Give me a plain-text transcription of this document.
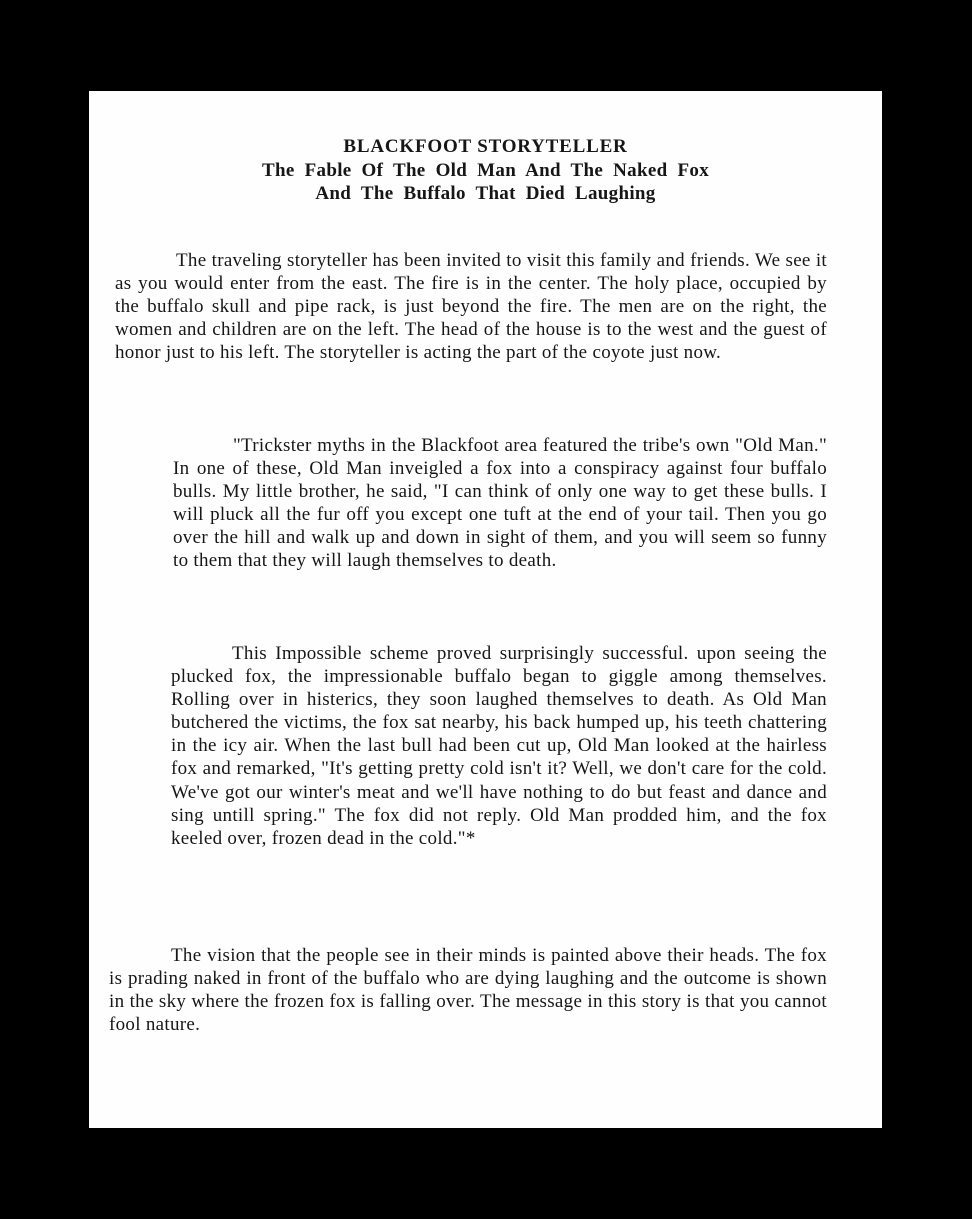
BLACKFOOT STORYTELLER
The Fable Of The Old Man And The Naked Fox
And The Buffalo That Died Laughing

The traveling storyteller has been invited to visit this family and friends. We see it as you would enter from the east. The fire is in the center. The holy place, occupied by the buffalo skull and pipe rack, is just beyond the fire. The men are on the right, the women and children are on the left. The head of the house is to the west and the guest of honor just to his left. The storyteller is acting the part of the coyote just now.

"Trickster myths in the Blackfoot area featured the tribe's own "Old Man." In one of these, Old Man inveigled a fox into a conspiracy against four buffalo bulls. My little brother, he said, "I can think of only one way to get these bulls. I will pluck all the fur off you except one tuft at the end of your tail. Then you go over the hill and walk up and down in sight of them, and you will seem so funny to them that they will laugh themselves to death.

This Impossible scheme proved surprisingly successful. upon seeing the plucked fox, the impressionable buffalo began to giggle among themselves. Rolling over in histerics, they soon laughed themselves to death. As Old Man butchered the victims, the fox sat nearby, his back humped up, his teeth chattering in the icy air. When the last bull had been cut up, Old Man looked at the hairless fox and remarked, "It's getting pretty cold isn't it? Well, we don't care for the cold. We've got our winter's meat and we'll have nothing to do but feast and dance and sing untill spring." The fox did not reply. Old Man prodded him, and the fox keeled over, frozen dead in the cold."*

The vision that the people see in their minds is painted above their heads. The fox is prading naked in front of the buffalo who are dying laughing and the outcome is shown in the sky where the frozen fox is falling over. The message in this story is that you cannot fool nature.
